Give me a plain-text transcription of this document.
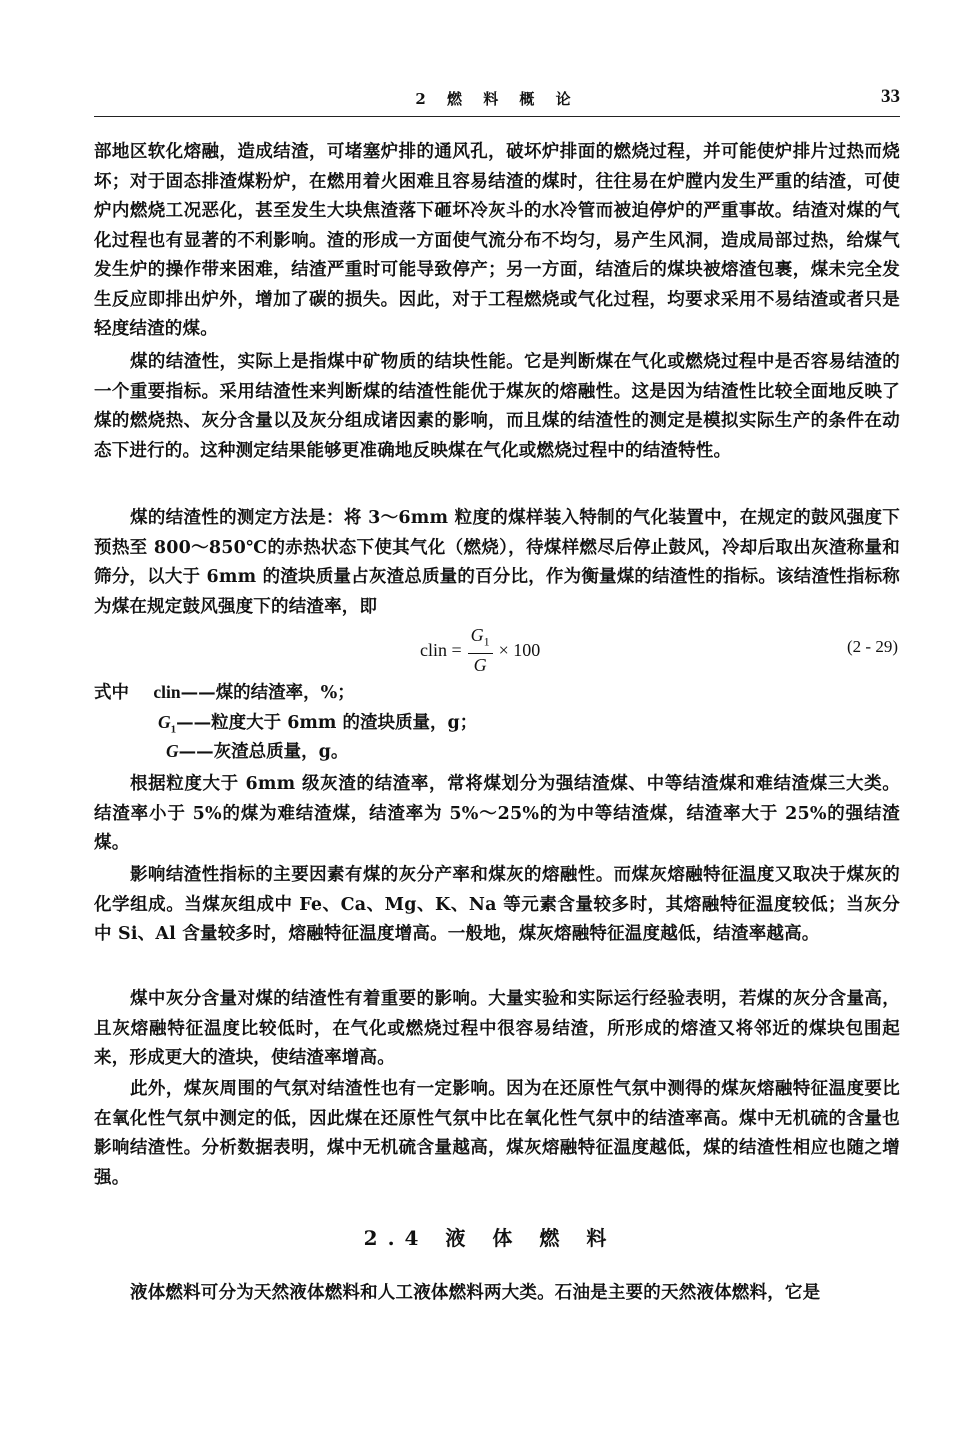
2 燃 料 概 论	33

部地区软化熔融，造成结渣，可堵塞炉排的通风孔，破坏炉排面的燃烧过程，并可能使炉排片过热而烧坏；对于固态排渣煤粉炉，在燃用着火困难且容易结渣的煤时，往往易在炉膛内发生严重的结渣，可使炉内燃烧工况恶化，甚至发生大块焦渣落下砸坏冷灰斗的水冷管而被迫停炉的严重事故。结渣对煤的气化过程也有显著的不利影响。渣的形成一方面使气流分布不均匀，易产生风洞，造成局部过热，给煤气发生炉的操作带来困难，结渣严重时可能导致停产；另一方面，结渣后的煤块被熔渣包裹，煤未完全发生反应即排出炉外，增加了碳的损失。因此，对于工程燃烧或气化过程，均要求采用不易结渣或者只是轻度结渣的煤。

煤的结渣性，实际上是指煤中矿物质的结块性能。它是判断煤在气化或燃烧过程中是否容易结渣的一个重要指标。采用结渣性来判断煤的结渣性能优于煤灰的熔融性。这是因为结渣性比较全面地反映了煤的燃烧热、灰分含量以及灰分组成诸因素的影响，而且煤的结渣性的测定是模拟实际生产的条件在动态下进行的。这种测定结果能够更准确地反映煤在气化或燃烧过程中的结渣特性。

煤的结渣性的测定方法是：将 3～6mm 粒度的煤样装入特制的气化装置中，在规定的鼓风强度下预热至 800～850℃的赤热状态下使其气化（燃烧），待煤样燃尽后停止鼓风，冷却后取出灰渣称量和筛分，以大于 6mm 的渣块质量占灰渣总质量的百分比，作为衡量煤的结渣性的指标。该结渣性指标称为煤在规定鼓风强度下的结渣率，即

clin = $\frac{G_1}{G} \times 100$	(2 - 29)
式中 clin——煤的结渣率，%；
$G_1——$粒度大于 6mm 的渣块质量，g；
G——灰渣总质量，g。

根据粒度大于 6mm 级灰渣的结渣率，常将煤划分为强结渣煤、中等结渣煤和难结渣煤三大类。结渣率小于 5%的煤为难结渣煤，结渣率为 5%～25%的为中等结渣煤，结渣率大于 25%的强结渣煤。

影响结渣性指标的主要因素有煤的灰分产率和煤灰的熔融性。而煤灰熔融特征温度又取决于煤灰的化学组成。当煤灰组成中 Fe、Ca、Mg、K、Na 等元素含量较多时，其熔融特征温度较低；当灰分中 Si、Al 含量较多时，熔融特征温度增高。一般地，煤灰熔融特征温度越低，结渣率越高。

煤中灰分含量对煤的结渣性有着重要的影响。大量实验和实际运行经验表明，若煤的灰分含量高，且灰熔融特征温度比较低时，在气化或燃烧过程中很容易结渣，所形成的熔渣又将邻近的煤块包围起来，形成更大的渣块，使结渣率增高。

此外，煤灰周围的气氛对结渣性也有一定影响。因为在还原性气氛中测得的煤灰熔融特征温度要比在氧化性气氛中测定的低，因此煤在还原性气氛中比在氧化性气氛中的结渣率高。煤中无机硫的含量也影响结渣性。分析数据表明，煤中无机硫含量越高，煤灰熔融特征温度越低，煤的结渣性相应也随之增强。

2.4 液 体 燃 料

液体燃料可分为天然液体燃料和人工液体燃料两大类。石油是主要的天然液体燃料，它是
